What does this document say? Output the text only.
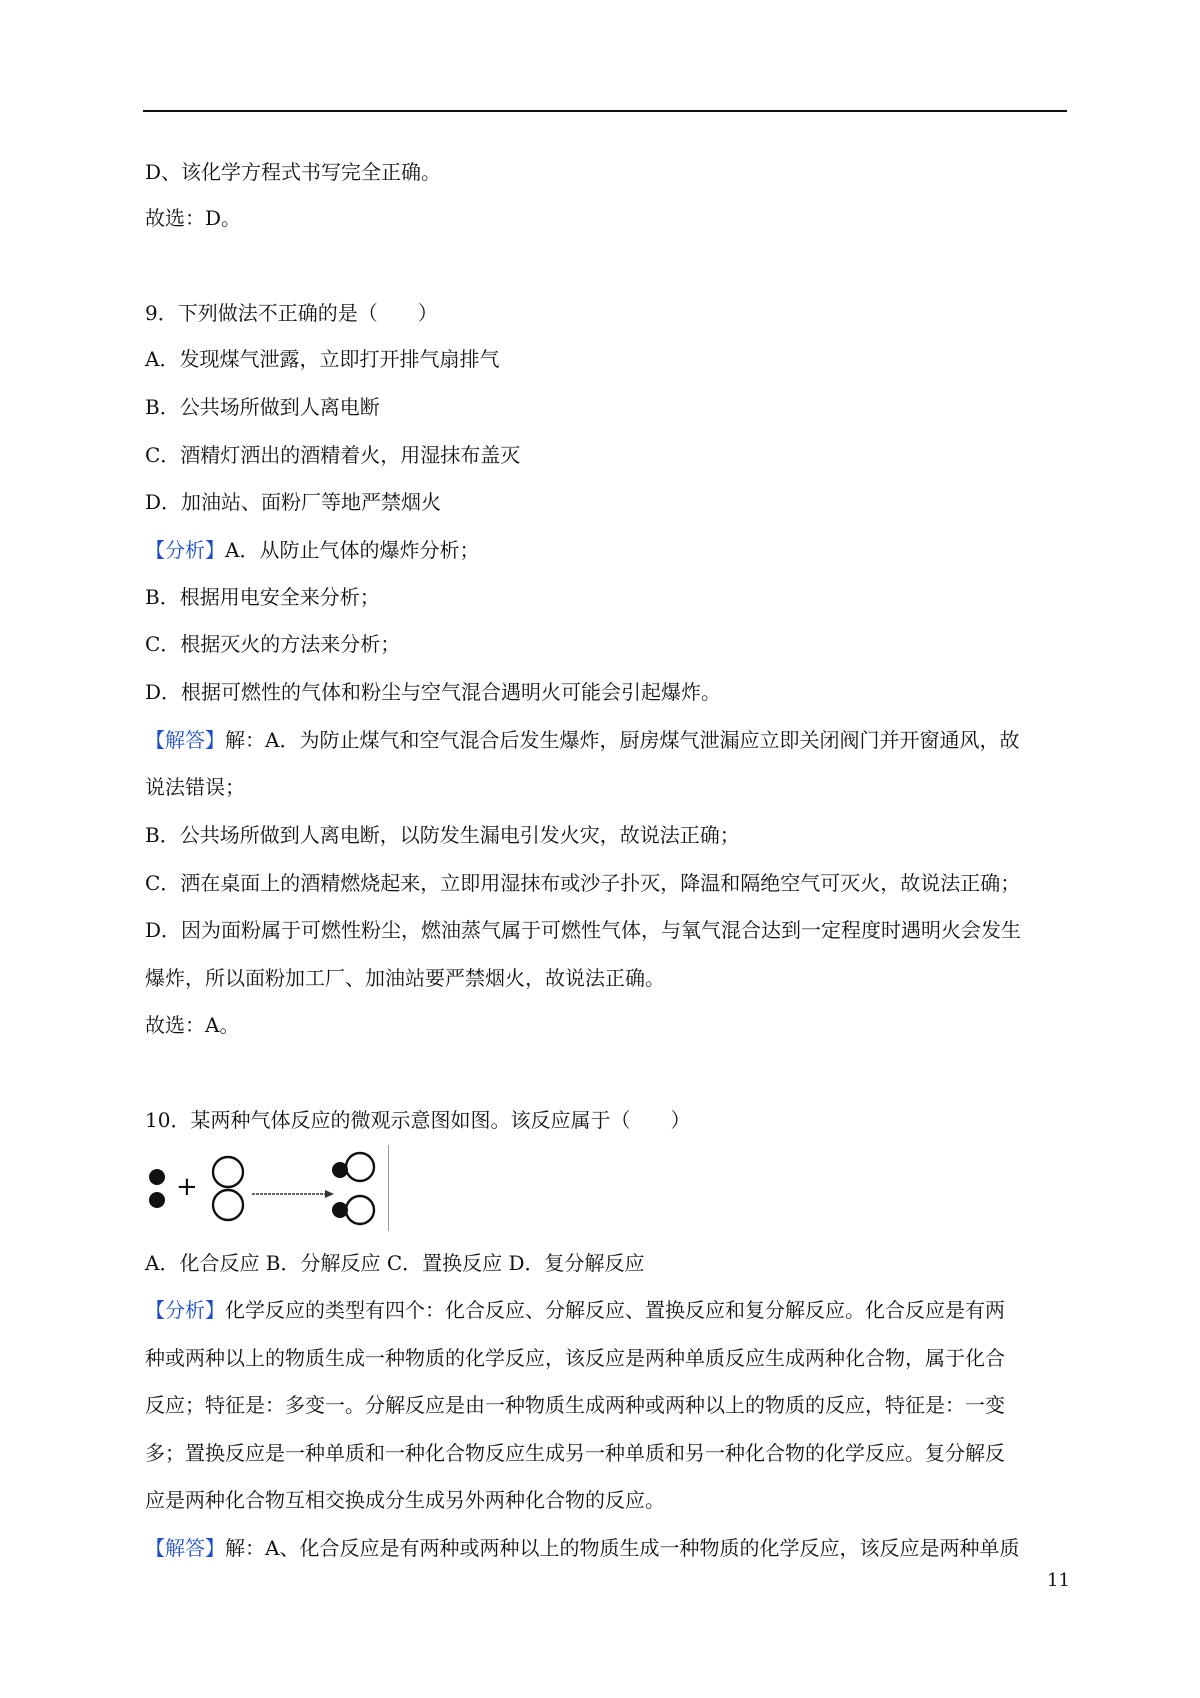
D、该化学方程式书写完全正确。
故选：D。
9．下列做法不正确的是（　　）
A．发现煤气泄露，立即打开排气扇排气
B．公共场所做到人离电断
C．酒精灯洒出的酒精着火，用湿抹布盖灭
D．加油站、面粉厂等地严禁烟火
【分析】A．从防止气体的爆炸分析；
B．根据用电安全来分析；
C．根据灭火的方法来分析；
D．根据可燃性的气体和粉尘与空气混合遇明火可能会引起爆炸。
【解答】解：A．为防止煤气和空气混合后发生爆炸，厨房煤气泄漏应立即关闭阀门并开窗通风，故
说法错误；
B．公共场所做到人离电断，以防发生漏电引发火灾，故说法正确；
C．洒在桌面上的酒精燃烧起来，立即用湿抹布或沙子扑灭，降温和隔绝空气可灭火，故说法正确；
D．因为面粉属于可燃性粉尘，燃油蒸气属于可燃性气体，与氧气混合达到一定程度时遇明火会发生
爆炸，所以面粉加工厂、加油站要严禁烟火，故说法正确。
故选：A。
10．某两种气体反应的微观示意图如图。该反应属于（　　）
+
A．化合反应 B．分解反应 C．置换反应 D．复分解反应
【分析】化学反应的类型有四个：化合反应、分解反应、置换反应和复分解反应。化合反应是有两
种或两种以上的物质生成一种物质的化学反应，该反应是两种单质反应生成两种化合物，属于化合
反应；特征是：多变一。分解反应是由一种物质生成两种或两种以上的物质的反应，特征是：一变
多；置换反应是一种单质和一种化合物反应生成另一种单质和另一种化合物的化学反应。复分解反
应是两种化合物互相交换成分生成另外两种化合物的反应。
【解答】解：A、化合反应是有两种或两种以上的物质生成一种物质的化学反应，该反应是两种单质
11
